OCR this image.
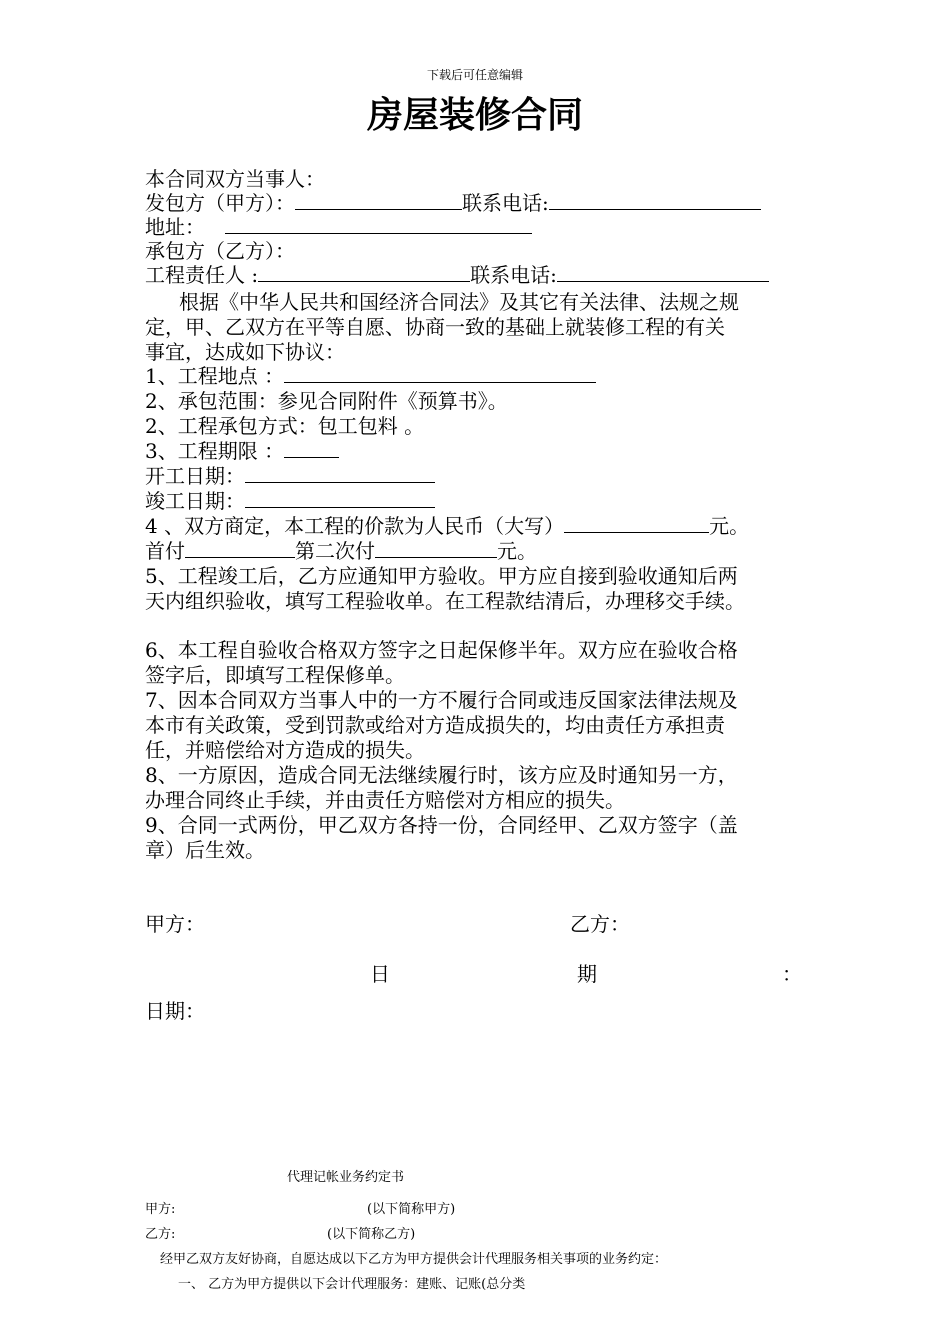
下载后可任意编辑
房屋装修合同
本合同双方当事人：
发包方（甲方）：	联系电话:
地址：
承包方（乙方）：
工程责任人 :	联系电话:
根据《中华人民共和国经济合同法》及其它有关法律、法规之规
定，甲、乙双方在平等自愿、协商一致的基础上就装修工程的有关
事宜，达成如下协议：
1、工程地点 ：
2、承包范围：参见合同附件《预算书》。
2、工程承包方式：包工包料 。
3、工程期限 ：
开工日期：
竣工日期：
4 、双方商定，本工程的价款为人民币（大写）	元。
首付	第二次付	元。
5、工程竣工后，乙方应通知甲方验收。甲方应自接到验收通知后两
天内组织验收，填写工程验收单。在工程款结清后，办理移交手续。
6、本工程自验收合格双方签字之日起保修半年。双方应在验收合格
签字后，即填写工程保修单。
7、因本合同双方当事人中的一方不履行合同或违反国家法律法规及
本市有关政策，受到罚款或给对方造成损失的，均由责任方承担责
任，并赔偿给对方造成的损失。
8、一方原因，造成合同无法继续履行时，该方应及时通知另一方，
办理合同终止手续，并由责任方赔偿对方相应的损失。
9、合同一式两份，甲乙双方各持一份，合同经甲、乙双方签字（盖
章）后生效。
甲方：	乙方：
日	期	：
日期：
代理记帐业务约定书
甲方:	(以下简称甲方)
乙方:	(以下简称乙方)
经甲乙双方友好协商，自愿达成以下乙方为甲方提供会计代理服务相关事项的业务约定：
一、 乙方为甲方提供以下会计代理服务：建账、记账(总分类
